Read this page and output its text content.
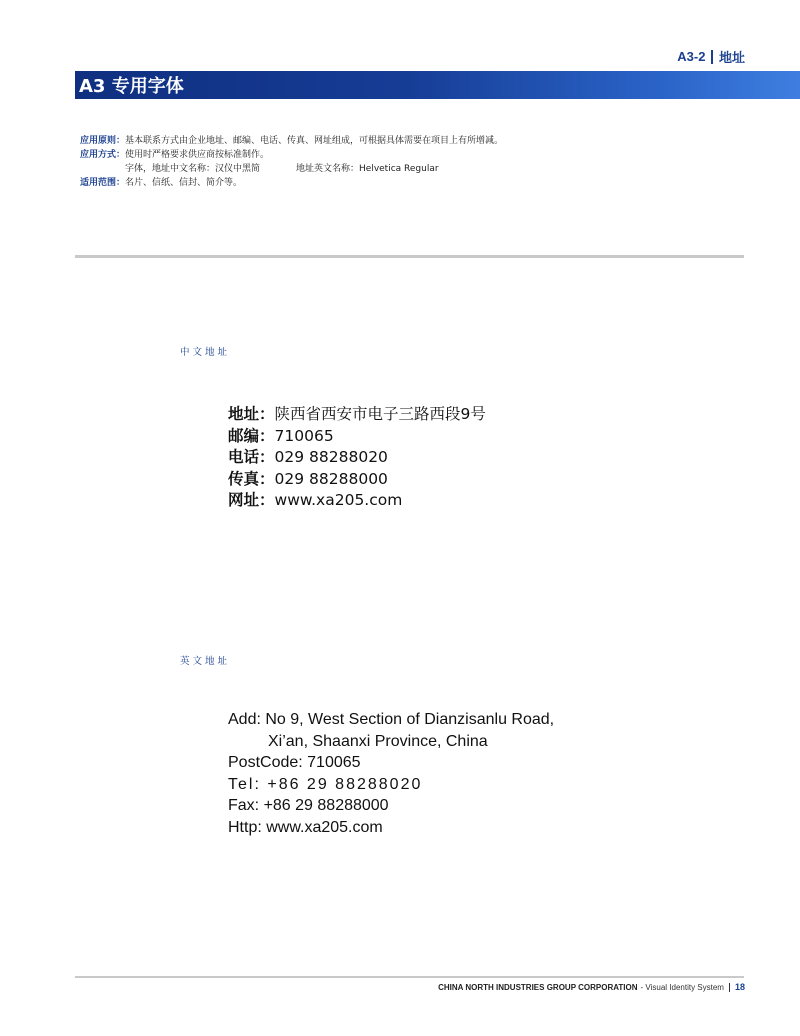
A3-2 地址
A3 专用字体
应用原则： 基本联系方式由企业地址、邮编、电话、传真、网址组成，可根据具体需要在项目上有所增减。
应用方式： 使用时严格要求供应商按标准制作。
字体，地址中文名称：汉仪中黑简	地址英文名称：Helvetica Regular
适用范围： 名片、信纸、信封、简介等。
中文地址
地址：陕西省西安市电子三路西段9号
邮编：710065
电话：029 88288020
传真：029 88288000
网址：www.xa205.com
英文地址
Add: No 9, West Section of Dianzisanlu Road,
Xi’an, Shaanxi Province, China
PostCode: 710065
Tel: +86 29 88288020
Fax: +86 29 88288000
Http: www.xa205.com
CHINA NORTH INDUSTRIES GROUP CORPORATION - Visual Identity System 18
